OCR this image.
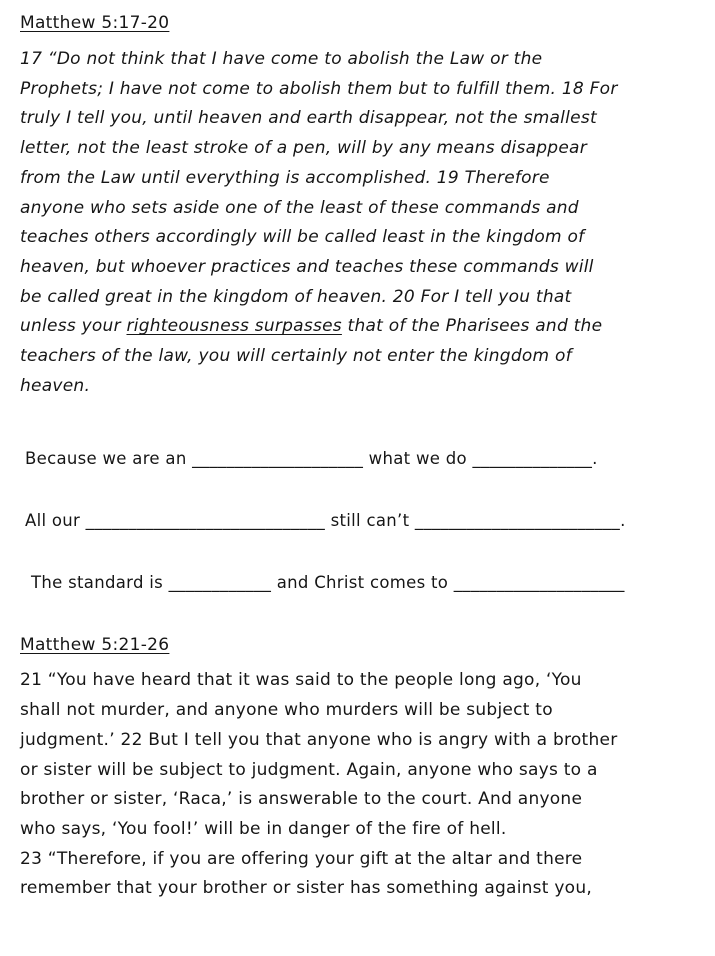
Matthew 5:17-20
17 “Do not think that I have come to abolish the Law or the
Prophets; I have not come to abolish them but to fulfill them. 18 For
truly I tell you, until heaven and earth disappear, not the smallest
letter, not the least stroke of a pen, will by any means disappear
from the Law until everything is accomplished. 19 Therefore
anyone who sets aside one of the least of these commands and
teaches others accordingly will be called least in the kingdom of
heaven, but whoever practices and teaches these commands will
be called great in the kingdom of heaven. 20 For I tell you that
unless your righteousness surpasses that of the Pharisees and the
teachers of the law, you will certainly not enter the kingdom of
heaven.

Because we are an ____________________ what we do ______________.

All our ____________________________ still can’t ________________________.

The standard is ____________ and Christ comes to ____________________

Matthew 5:21-26
21 “You have heard that it was said to the people long ago, ‘You
shall not murder, and anyone who murders will be subject to
judgment.’ 22 But I tell you that anyone who is angry with a brother
or sister will be subject to judgment. Again, anyone who says to a
brother or sister, ‘Raca,’ is answerable to the court. And anyone
who says, ‘You fool!’ will be in danger of the fire of hell.
23 “Therefore, if you are offering your gift at the altar and there
remember that your brother or sister has something against you,
